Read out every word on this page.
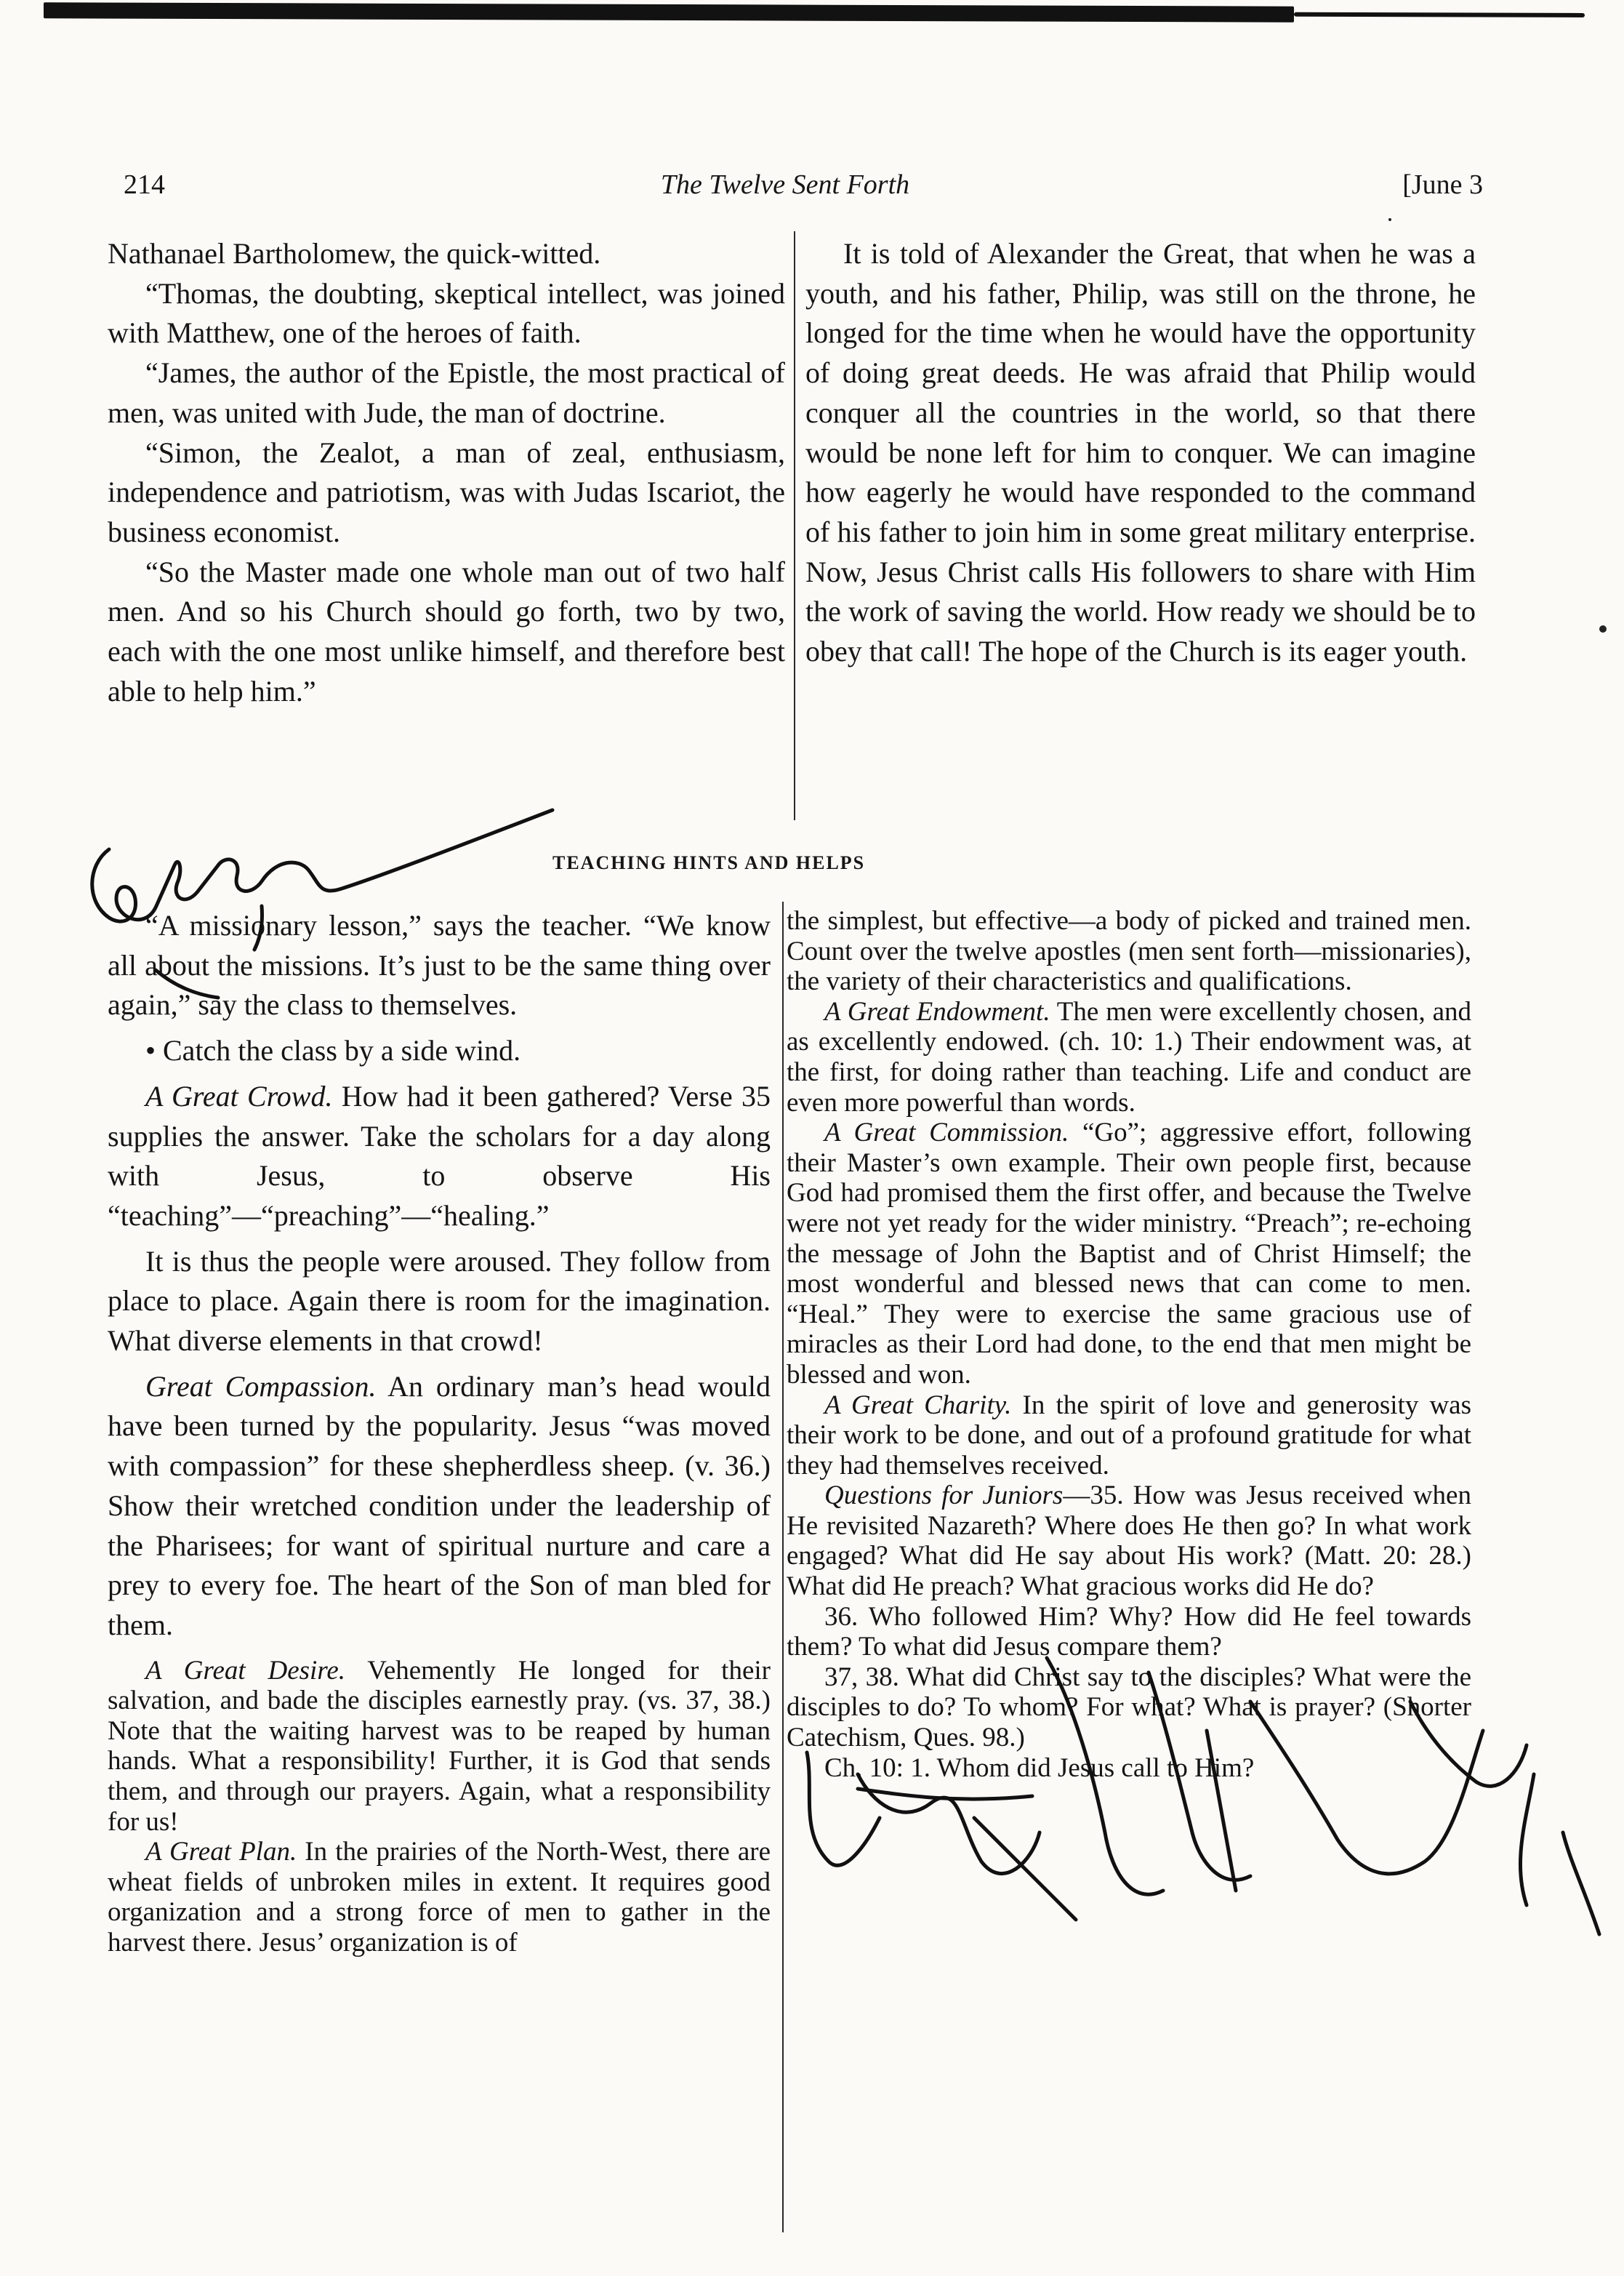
214	The Twelve Sent Forth	[June 3

Nathanael Bartholomew, the quick-witted.

“Thomas, the doubting, skeptical intellect, was joined with Matthew, one of the heroes of faith.

“James, the author of the Epistle, the most practical of men, was united with Jude, the man of doctrine.

“Simon, the Zealot, a man of zeal, enthusiasm, independence and patriotism, was with Judas Iscariot, the business economist.

“So the Master made one whole man out of two half men. And so his Church should go forth, two by two, each with the one most unlike himself, and therefore best able to help him.”

It is told of Alexander the Great, that when he was a youth, and his father, Philip, was still on the throne, he longed for the time when he would have the opportunity of doing great deeds. He was afraid that Philip would conquer all the countries in the world, so that there would be none left for him to conquer. We can imagine how eagerly he would have responded to the command of his father to join him in some great military enterprise. Now, Jesus Christ calls His followers to share with Him the work of saving the world. How ready we should be to obey that call! The hope of the Church is its eager youth.

TEACHING HINTS AND HELPS

“A missionary lesson,” says the teacher. “We know all about the missions. It’s just to be the same thing over again,” say the class to themselves.

• Catch the class by a side wind.

A Great Crowd. How had it been gathered? Verse 35 supplies the answer. Take the scholars for a day along with Jesus, to observe His “teaching”—“preaching”—“healing.”

It is thus the people were aroused. They follow from place to place. Again there is room for the imagination. What diverse elements in that crowd!

Great Compassion. An ordinary man’s head would have been turned by the popularity. Jesus “was moved with compassion” for these shepherdless sheep. (v. 36.) Show their wretched condition under the leadership of the Pharisees; for want of spiritual nurture and care a prey to every foe. The heart of the Son of man bled for them.

A Great Desire. Vehemently He longed for their salvation, and bade the disciples earnestly pray. (vs. 37, 38.) Note that the waiting harvest was to be reaped by human hands. What a responsibility! Further, it is God that sends them, and through our prayers. Again, what a responsibility for us!

A Great Plan. In the prairies of the North-West, there are wheat fields of unbroken miles in extent. It requires good organization and a strong force of men to gather in the harvest there. Jesus’ organization is of

the simplest, but effective—a body of picked and trained men. Count over the twelve apostles (men sent forth—missionaries), the variety of their characteristics and qualifications.

A Great Endowment. The men were excellently chosen, and as excellently endowed. (ch. 10: 1.) Their endowment was, at the first, for doing rather than teaching. Life and conduct are even more powerful than words.

A Great Commission. “Go”; aggressive effort, following their Master’s own example. Their own people first, because God had promised them the first offer, and because the Twelve were not yet ready for the wider ministry. “Preach”; re-echoing the message of John the Baptist and of Christ Himself; the most wonderful and blessed news that can come to men. “Heal.” They were to exercise the same gracious use of miracles as their Lord had done, to the end that men might be blessed and won.

A Great Charity. In the spirit of love and generosity was their work to be done, and out of a profound gratitude for what they had themselves received.

Questions for Juniors—35. How was Jesus received when He revisited Nazareth? Where does He then go? In what work engaged? What did He say about His work? (Matt. 20: 28.) What did He preach? What gracious works did He do?

36. Who followed Him? Why? How did He feel towards them? To what did Jesus compare them?

37, 38. What did Christ say to the disciples? What were the disciples to do? To whom? For what? What is prayer? (Shorter Catechism, Ques. 98.)

Ch. 10: 1. Whom did Jesus call to Him?
